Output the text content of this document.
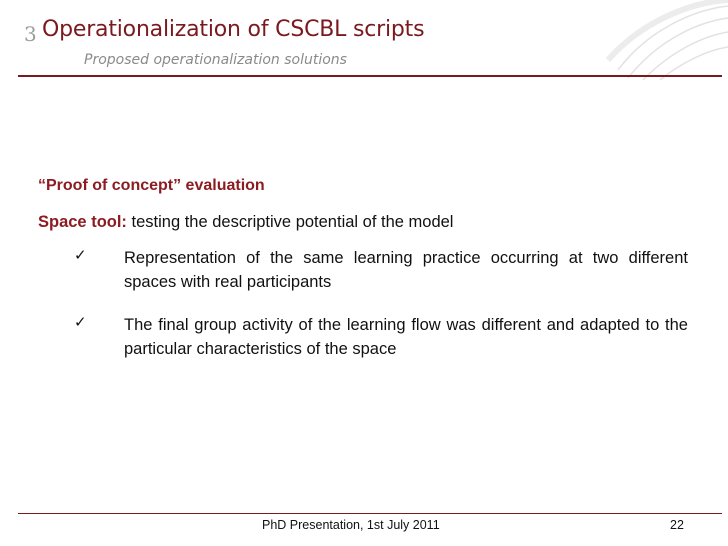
3 Operationalization of CSCBL scripts
Proposed operationalization solutions
“Proof of concept” evaluation
Space tool: testing the descriptive potential of the model
✓ Representation of the same learning practice occurring at two different spaces with real participants
✓ The final group activity of the learning flow was different and adapted to the particular characteristics of the space
PhD Presentation, 1st July 2011	22
